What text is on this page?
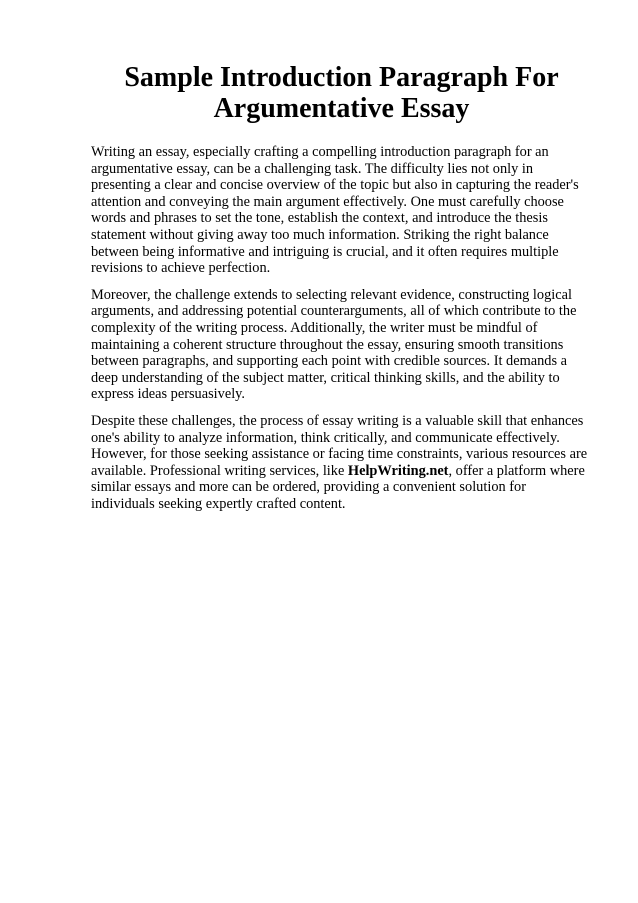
Sample Introduction Paragraph For Argumentative Essay

Writing an essay, especially crafting a compelling introduction paragraph for an argumentative essay, can be a challenging task. The difficulty lies not only in presenting a clear and concise overview of the topic but also in capturing the reader's attention and conveying the main argument effectively. One must carefully choose words and phrases to set the tone, establish the context, and introduce the thesis statement without giving away too much information. Striking the right balance between being informative and intriguing is crucial, and it often requires multiple revisions to achieve perfection.

Moreover, the challenge extends to selecting relevant evidence, constructing logical arguments, and addressing potential counterarguments, all of which contribute to the complexity of the writing process. Additionally, the writer must be mindful of maintaining a coherent structure throughout the essay, ensuring smooth transitions between paragraphs, and supporting each point with credible sources. It demands a deep understanding of the subject matter, critical thinking skills, and the ability to express ideas persuasively.

Despite these challenges, the process of essay writing is a valuable skill that enhances one's ability to analyze information, think critically, and communicate effectively. However, for those seeking assistance or facing time constraints, various resources are available. Professional writing services, like HelpWriting.net, offer a platform where similar essays and more can be ordered, providing a convenient solution for individuals seeking expertly crafted content.
